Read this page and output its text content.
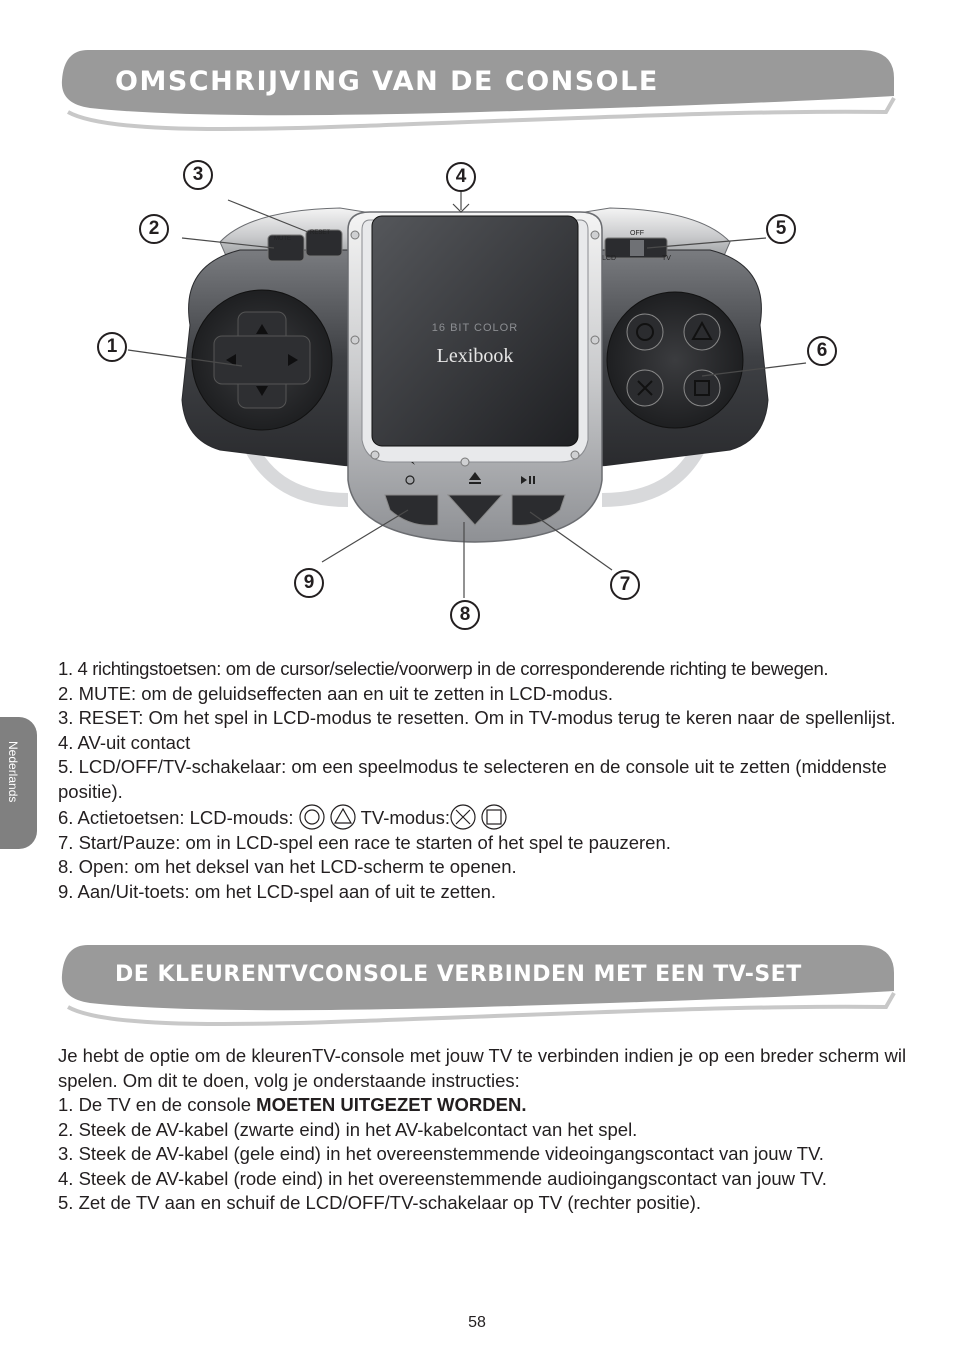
OMSCHRIJVING VAN DE CONSOLE
MUTE
RESET	OFF
LCD	TV
16 BIT COLOR
Lexibook
3	4
2	5
1	6
9	7
8

1. 4 richtingstoetsen: om de cursor/selectie/voorwerp in de corresponderende richting te bewegen.

2. MUTE: om de geluidseffecten aan en uit te zetten in LCD-modus.

3. RESET: Om het spel in LCD-modus te resetten. Om in TV-modus terug te keren naar de spellenlijst.

4. AV-uit contact

5. LCD/OFF/TV-schakelaar: om een speelmodus te selecteren en de console uit te zetten (middenste positie).

6. Actietoetsen: LCD-mouds:	TV-modus:

7. Start/Pauze: om in LCD-spel een race te starten of het spel te pauzeren.

8. Open: om het deksel van het LCD-scherm te openen.

9. Aan/Uit-toets: om het LCD-spel aan of uit te zetten.

DE KLEURENTVCONSOLE VERBINDEN MET EEN TV-SET

Je hebt de optie om de kleurenTV-console met jouw TV te verbinden indien je op een breder scherm wil spelen. Om dit te doen, volg je onderstaande instructies:

1. De TV en de console MOETEN UITGEZET WORDEN.

2. Steek de AV-kabel (zwarte eind) in het AV-kabelcontact van het spel.

3. Steek de AV-kabel (gele eind) in het overeenstemmende videoingangscontact van jouw TV.

4. Steek de AV-kabel (rode eind) in het overeenstemmende audioingangscontact van jouw TV.

5. Zet de TV aan en schuif de LCD/OFF/TV-schakelaar op TV (rechter positie).

Nederlands
58
